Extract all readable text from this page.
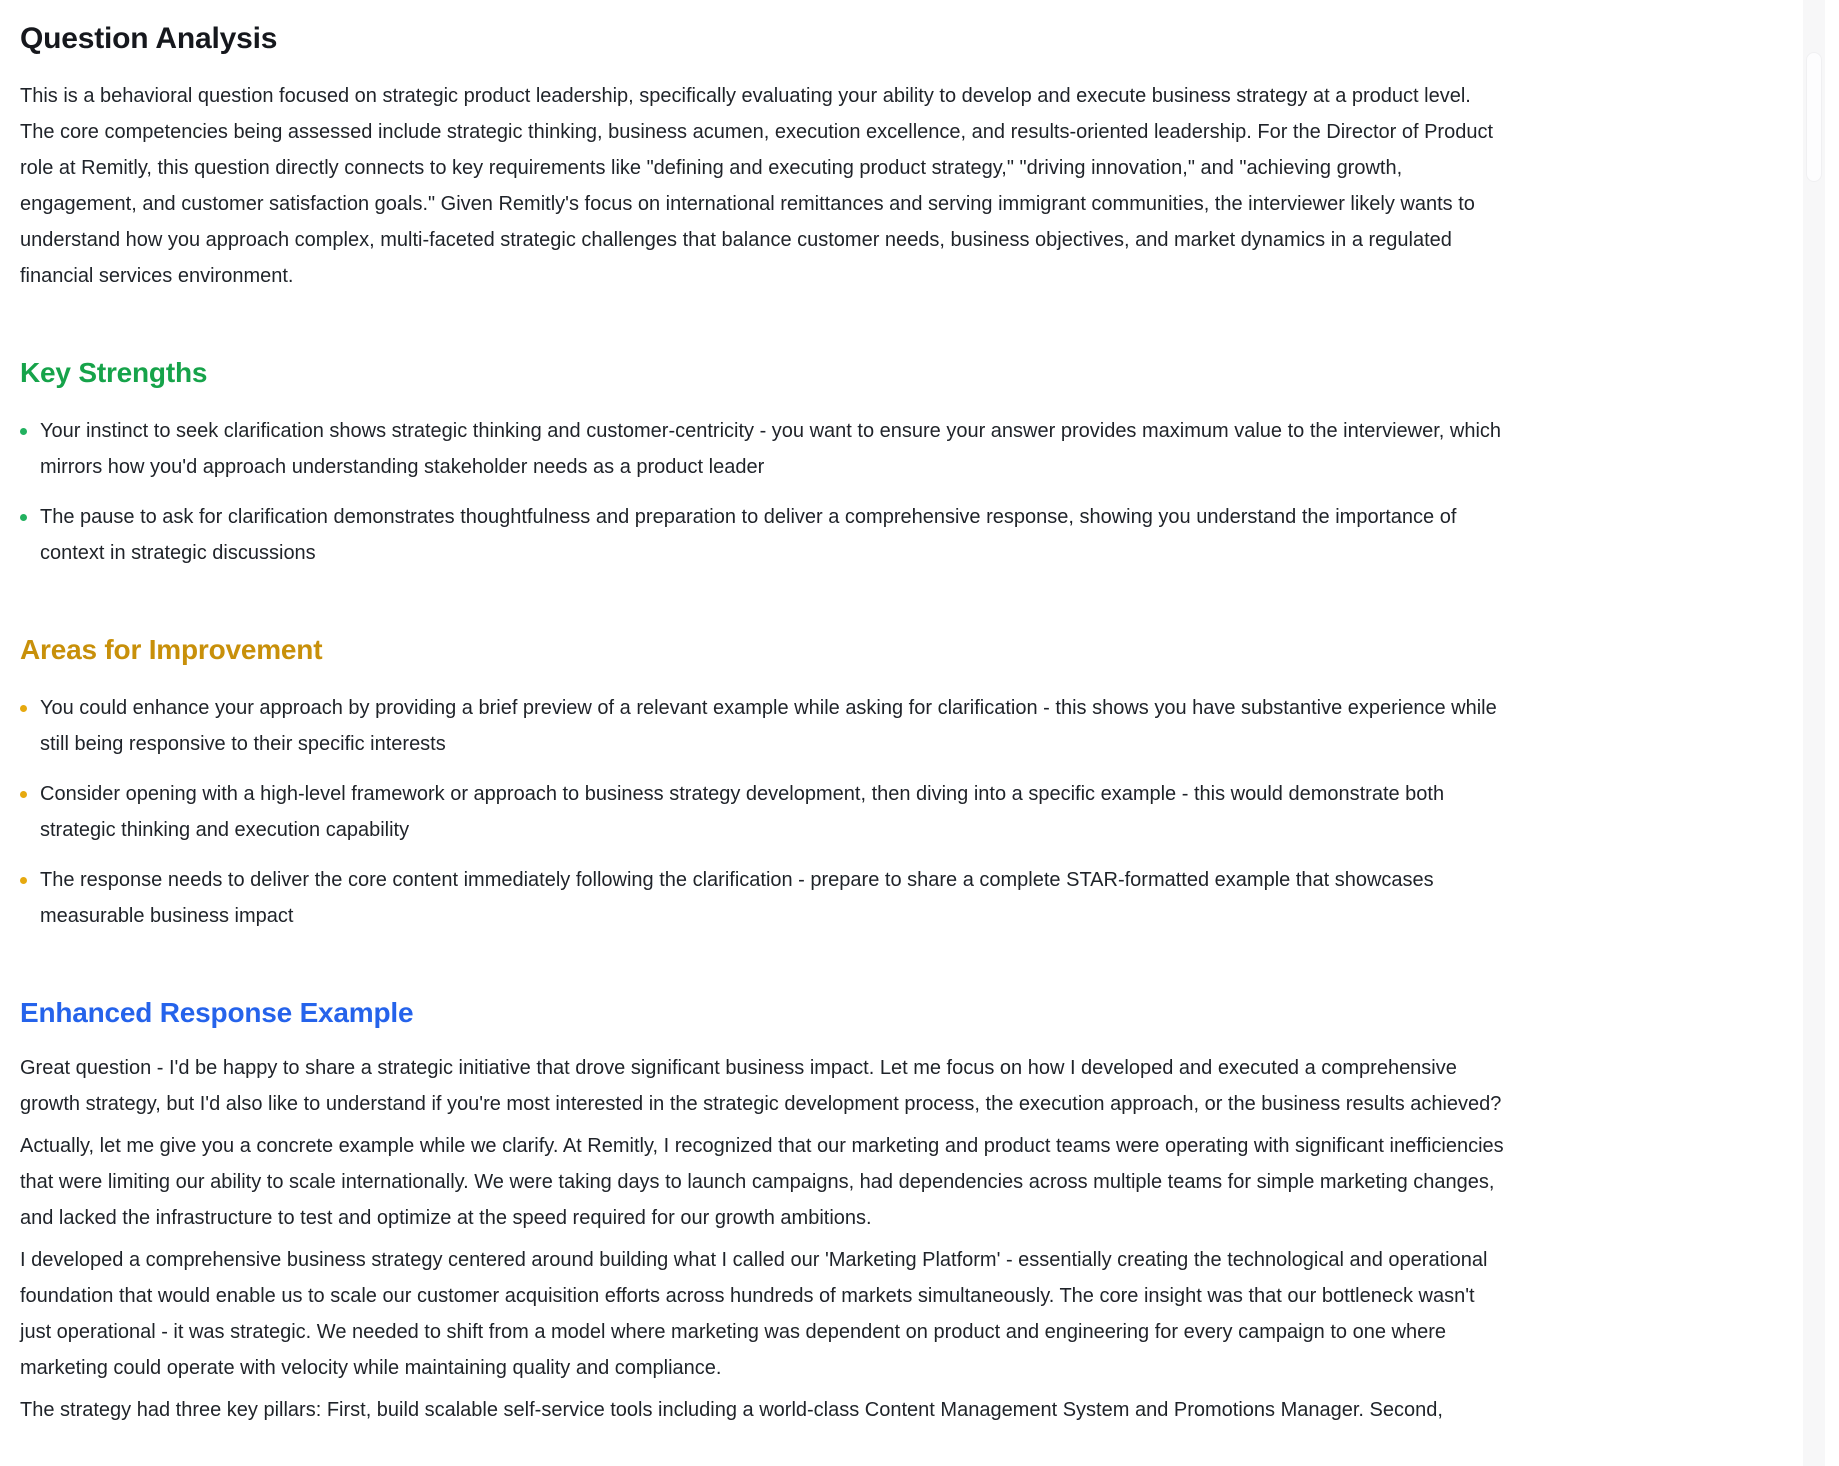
Question Analysis

This is a behavioral question focused on strategic product leadership, specifically evaluating your ability to develop and execute business strategy at a product level. The core competencies being assessed include strategic thinking, business acumen, execution excellence, and results-oriented leadership. For the Director of Product role at Remitly, this question directly connects to key requirements like "defining and executing product strategy," "driving innovation," and "achieving growth, engagement, and customer satisfaction goals." Given Remitly's focus on international remittances and serving immigrant communities, the interviewer likely wants to understand how you approach complex, multi-faceted strategic challenges that balance customer needs, business objectives, and market dynamics in a regulated financial services environment.

Key Strengths
Your instinct to seek clarification shows strategic thinking and customer-centricity - you want to ensure your answer provides maximum value to the interviewer, which mirrors how you'd approach understanding stakeholder needs as a product leader
The pause to ask for clarification demonstrates thoughtfulness and preparation to deliver a comprehensive response, showing you understand the importance of context in strategic discussions
Areas for Improvement
You could enhance your approach by providing a brief preview of a relevant example while asking for clarification - this shows you have substantive experience while still being responsive to their specific interests
Consider opening with a high-level framework or approach to business strategy development, then diving into a specific example - this would demonstrate both strategic thinking and execution capability
The response needs to deliver the core content immediately following the clarification - prepare to share a complete STAR-formatted example that showcases measurable business impact
Enhanced Response Example

Great question - I'd be happy to share a strategic initiative that drove significant business impact. Let me focus on how I developed and executed a comprehensive growth strategy, but I'd also like to understand if you're most interested in the strategic development process, the execution approach, or the business results achieved?

Actually, let me give you a concrete example while we clarify. At Remitly, I recognized that our marketing and product teams were operating with significant inefficiencies that were limiting our ability to scale internationally. We were taking days to launch campaigns, had dependencies across multiple teams for simple marketing changes, and lacked the infrastructure to test and optimize at the speed required for our growth ambitions.

I developed a comprehensive business strategy centered around building what I called our 'Marketing Platform' - essentially creating the technological and operational foundation that would enable us to scale our customer acquisition efforts across hundreds of markets simultaneously. The core insight was that our bottleneck wasn't just operational - it was strategic. We needed to shift from a model where marketing was dependent on product and engineering for every campaign to one where marketing could operate with velocity while maintaining quality and compliance.

The strategy had three key pillars: First, build scalable self-service tools including a world-class Content Management System and Promotions Manager. Second,
